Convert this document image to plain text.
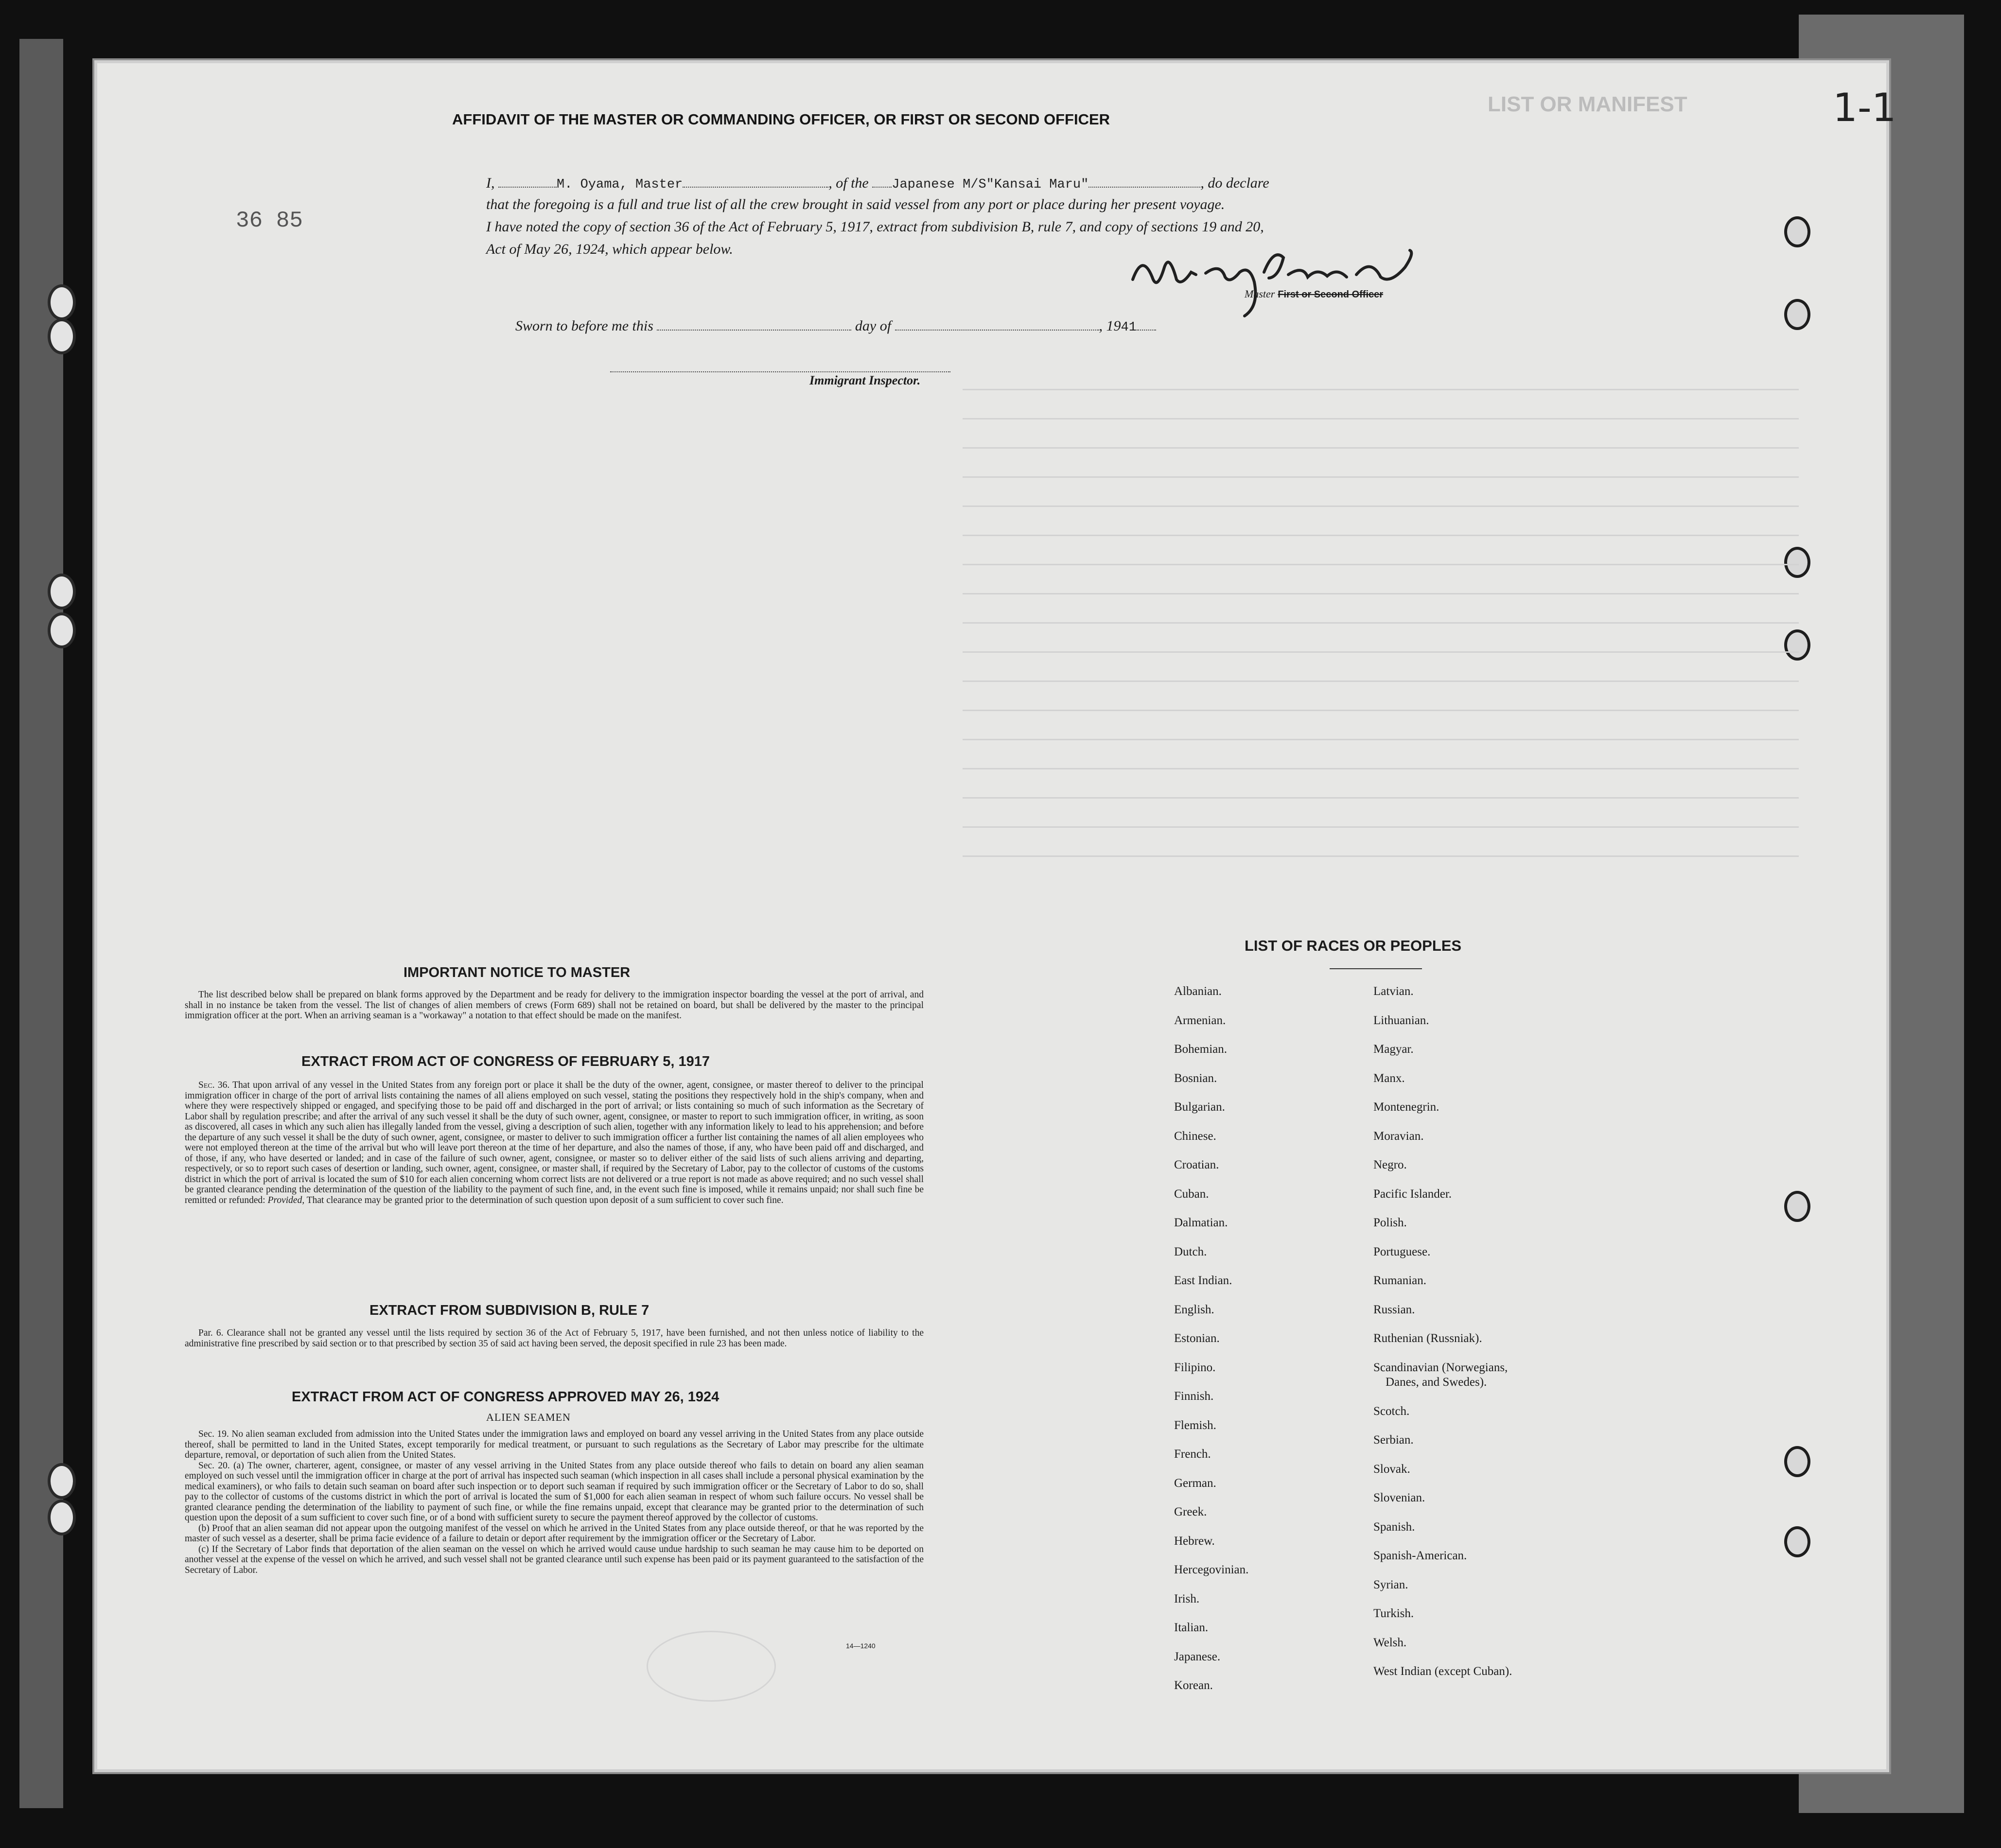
LIST OR MANIFEST	1-1
36 85
AFFIDAVIT OF THE MASTER OR COMMANDING OFFICER, OR FIRST OR SECOND OFFICER
I,	M. Oyama, Master	, of the Japanese M/S"Kansai Maru"	, do declare
that the foregoing is a full and true list of all the crew brought in said vessel from any port or place during her present voyage.
I have noted the copy of section 36 of the Act of February 5, 1917, extract from subdivision B, rule 7, and copy of sections 19 and 20,
Act of May 26, 1924, which appear below.
M. Oyama
Master First or Second Officer
Sworn to before me this	day of	, 1941
Immigrant Inspector.
IMPORTANT NOTICE TO MASTER

The list described below shall be prepared on blank forms approved by the Department and be ready for delivery to the immigration inspector boarding the vessel at the port of arrival, and shall in no instance be taken from the vessel. The list of changes of alien members of crews (Form 689) shall not be retained on board, but shall be delivered by the master to the principal immigration officer at the port. When an arriving seaman is a "workaway" a notation to that effect should be made on the manifest.

EXTRACT FROM ACT OF CONGRESS OF FEBRUARY 5, 1917

Sec. 36. That upon arrival of any vessel in the United States from any foreign port or place it shall be the duty of the owner, agent, consignee, or master thereof to deliver to the principal immigration officer in charge of the port of arrival lists containing the names of all aliens employed on such vessel, stating the positions they respectively hold in the ship's company, when and where they were respectively shipped or engaged, and specifying those to be paid off and discharged in the port of arrival; or lists containing so much of such information as the Secretary of Labor shall by regulation prescribe; and after the arrival of any such vessel it shall be the duty of such owner, agent, consignee, or master to report to such immigration officer, in writing, as soon as discovered, all cases in which any such alien has illegally landed from the vessel, giving a description of such alien, together with any information likely to lead to his apprehension; and before the departure of any such vessel it shall be the duty of such owner, agent, consignee, or master to deliver to such immigration officer a further list containing the names of all alien employees who were not employed thereon at the time of the arrival but who will leave port thereon at the time of her departure, and also the names of those, if any, who have been paid off and discharged, and of those, if any, who have deserted or landed; and in case of the failure of such owner, agent, consignee, or master so to deliver either of the said lists of such aliens arriving and departing, respectively, or so to report such cases of desertion or landing, such owner, agent, consignee, or master shall, if required by the Secretary of Labor, pay to the collector of customs of the customs district in which the port of arrival is located the sum of $10 for each alien concerning whom correct lists are not delivered or a true report is not made as above required; and no such vessel shall be granted clearance pending the determination of the question of the liability to the payment of such fine, and, in the event such fine is imposed, while it remains unpaid; nor shall such fine be remitted or refunded: Provided, That clearance may be granted prior to the determination of such question upon deposit of a sum sufficient to cover such fine.

EXTRACT FROM SUBDIVISION B, RULE 7

Par. 6. Clearance shall not be granted any vessel until the lists required by section 36 of the Act of February 5, 1917, have been furnished, and not then unless notice of liability to the administrative fine prescribed by said section or to that prescribed by section 35 of said act having been served, the deposit specified in rule 23 has been made.

EXTRACT FROM ACT OF CONGRESS APPROVED MAY 26, 1924
ALIEN SEAMEN

Sec. 19. No alien seaman excluded from admission into the United States under the immigration laws and employed on board any vessel arriving in the United States from any place outside thereof, shall be permitted to land in the United States, except temporarily for medical treatment, or pursuant to such regulations as the Secretary of Labor may prescribe for the ultimate departure, removal, or deportation of such alien from the United States.

Sec. 20. (a) The owner, charterer, agent, consignee, or master of any vessel arriving in the United States from any place outside thereof who fails to detain on board any alien seaman employed on such vessel until the immigration officer in charge at the port of arrival has inspected such seaman (which inspection in all cases shall include a personal physical examination by the medical examiners), or who fails to detain such seaman on board after such inspection or to deport such seaman if required by such immigration officer or the Secretary of Labor to do so, shall pay to the collector of customs of the customs district in which the port of arrival is located the sum of $1,000 for each alien seaman in respect of whom such failure occurs. No vessel shall be granted clearance pending the determination of the liability to payment of such fine, or while the fine remains unpaid, except that clearance may be granted prior to the determination of such question upon the deposit of a sum sufficient to cover such fine, or of a bond with sufficient surety to secure the payment thereof approved by the collector of customs.

(b) Proof that an alien seaman did not appear upon the outgoing manifest of the vessel on which he arrived in the United States from any place outside thereof, or that he was reported by the master of such vessel as a deserter, shall be prima facie evidence of a failure to detain or deport after requirement by the immigration officer or the Secretary of Labor.

(c) If the Secretary of Labor finds that deportation of the alien seaman on the vessel on which he arrived would cause undue hardship to such seaman he may cause him to be deported on another vessel at the expense of the vessel on which he arrived, and such vessel shall not be granted clearance until such expense has been paid or its payment guaranteed to the satisfaction of the Secretary of Labor.

14—1240
LIST OF RACES OR PEOPLES
Albanian.
Armenian.
Bohemian.
Bosnian.
Bulgarian.
Chinese.
Croatian.
Cuban.
Dalmatian.
Dutch.
East Indian.
English.
Estonian.
Filipino.
Finnish.
Flemish.
French.
German.
Greek.
Hebrew.
Hercegovinian.
Irish.
Italian.
Japanese.
Korean.
Latvian.
Lithuanian.
Magyar.
Manx.
Montenegrin.
Moravian.
Negro.
Pacific Islander.
Polish.
Portuguese.
Rumanian.
Russian.
Ruthenian (Russniak).
Scandinavian (Norwegians,
Danes, and Swedes).
Scotch.
Serbian.
Slovak.
Slovenian.
Spanish.
Spanish-American.
Syrian.
Turkish.
Welsh.
West Indian (except Cuban).
